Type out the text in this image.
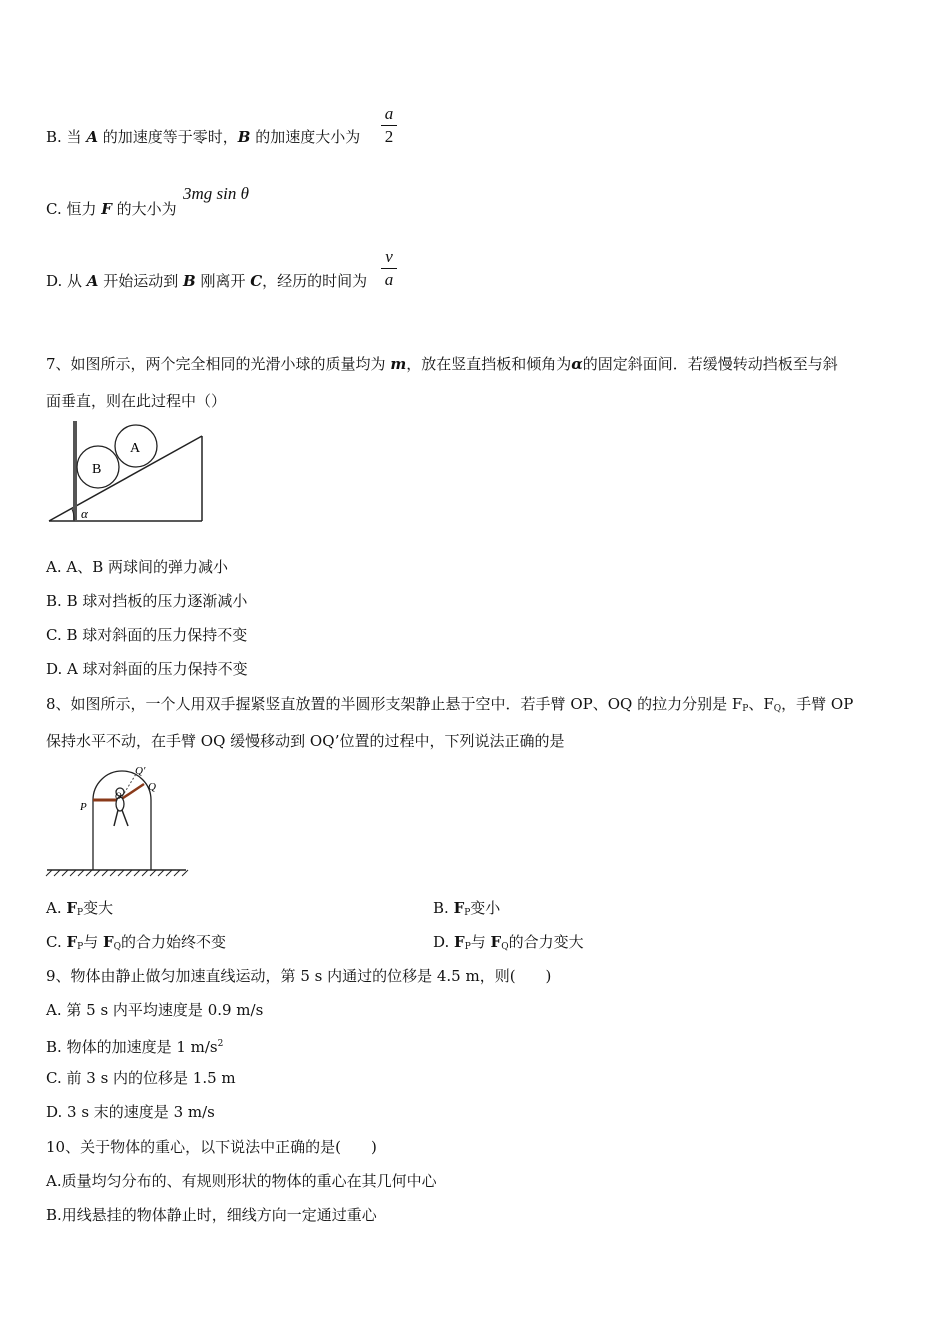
B. 当 A 的加速度等于零时，B 的加速度大小为
a
2
C. 恒力 F 的大小为
3mg sin θ
D. 从 A 开始运动到 B 刚离开 C，经历的时间为
v
a
7、如图所示，两个完全相同的光滑小球的质量均为 m，放在竖直挡板和倾角为α的固定斜面间．若缓慢转动挡板至与斜
面垂直，则在此过程中（）
B
A
α
A. A、B 两球间的弹力减小
B. B 球对挡板的压力逐渐减小
C. B 球对斜面的压力保持不变
D. A 球对斜面的压力保持不变
8、如图所示，一个人用双手握紧竖直放置的半圆形支架静止悬于空中．若手臂 OP、OQ 的拉力分别是 $F_P$、$F_Q$，手臂 OP
保持水平不动，在手臂 OQ 缓慢移动到 OQ’位置的过程中，下列说法正确的是
P
Q
Q′
O
A. $F_P$变大	B. $F_P$变小
C. $F_P$与 $F_Q$的合力始终不变	D. $F_P$与 $F_Q$的合力变大
9、物体由静止做匀加速直线运动，第 5 s 内通过的位移是 4.5 m，则(　　)
A. 第 5 s 内平均速度是 0.9 m/s
B. 物体的加速度是 1 $m/s^2$
C. 前 3 s 内的位移是 1.5 m
D. 3 s 末的速度是 3 m/s
10、关于物体的重心，以下说法中正确的是(　　)
A.质量均匀分布的、有规则形状的物体的重心在其几何中心
B.用线悬挂的物体静止时，细线方向一定通过重心
